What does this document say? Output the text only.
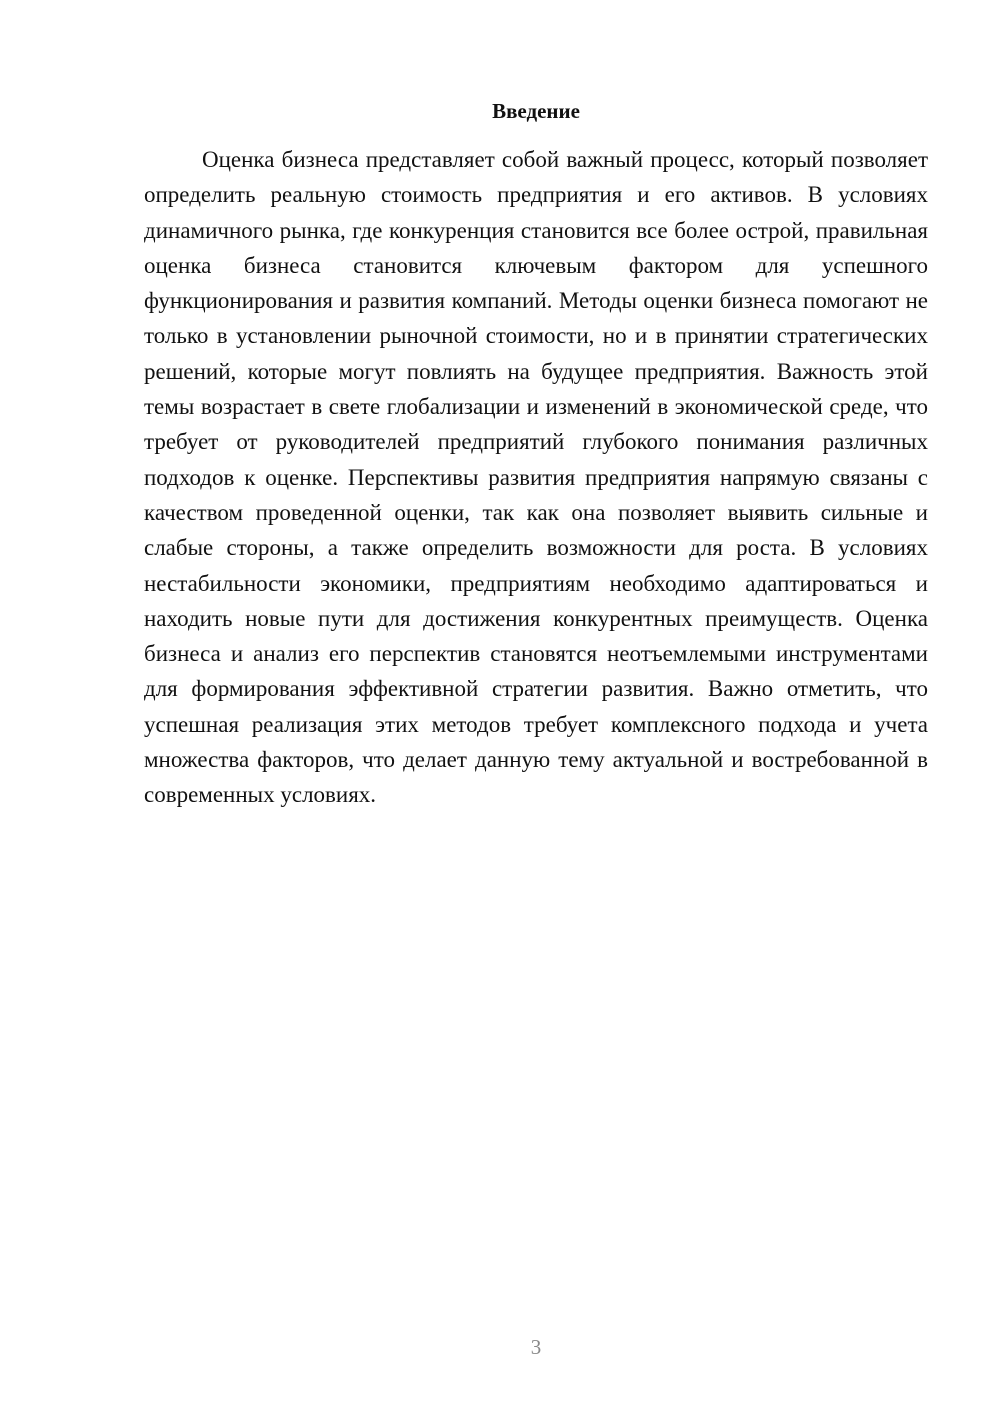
Введение

Оценка бизнеса представляет собой важный процесс, который позволяет определить реальную стоимость предприятия и его активов. В условиях динамичного рынка, где конкуренция становится все более острой, правильная оценка бизнеса становится ключевым фактором для успешного функционирования и развития компаний. Методы оценки бизнеса помогают не только в установлении рыночной стоимости, но и в принятии стратегических решений, которые могут повлиять на будущее предприятия. Важность этой темы возрастает в свете глобализации и изменений в экономической среде, что требует от руководителей предприятий глубокого понимания различных подходов к оценке. Перспективы развития предприятия напрямую связаны с качеством проведенной оценки, так как она позволяет выявить сильные и слабые стороны, а также определить возможности для роста. В условиях нестабильности экономики, предприятиям необходимо адаптироваться и находить новые пути для достижения конкурентных преимуществ. Оценка бизнеса и анализ его перспектив становятся неотъемлемыми инструментами для формирования эффективной стратегии развития. Важно отметить, что успешная реализация этих методов требует комплексного подхода и учета множества факторов, что делает данную тему актуальной и востребованной в современных условиях.

3
